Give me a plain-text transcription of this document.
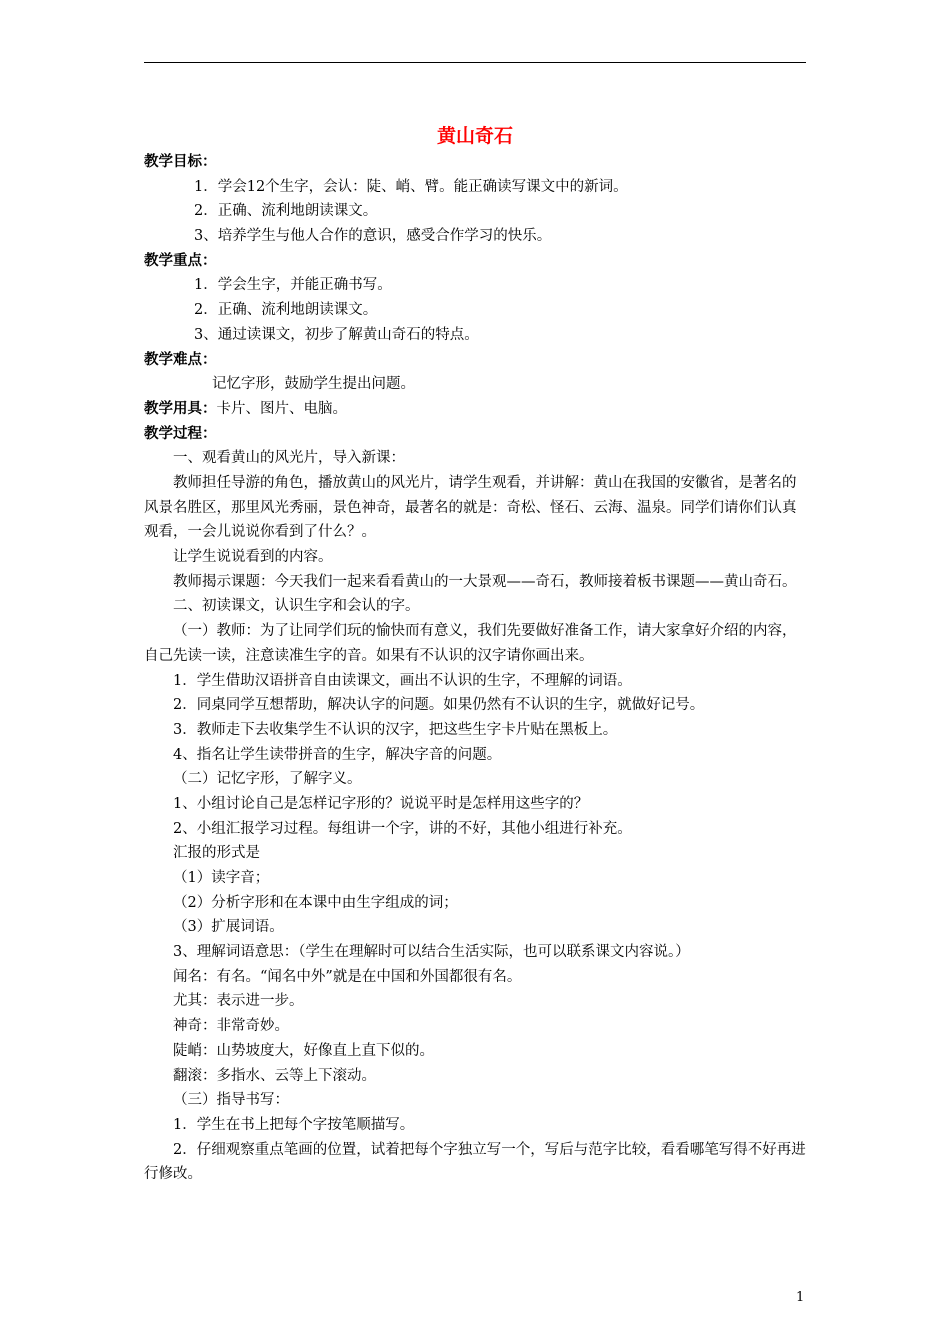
黄山奇石
教学目标：
1．学会12个生字，会认：陡、峭、臂。能正确读写课文中的新词。
2．正确、流利地朗读课文。
3、培养学生与他人合作的意识，感受合作学习的快乐。
教学重点：
1．学会生字，并能正确书写。
2．正确、流利地朗读课文。
3、通过读课文，初步了解黄山奇石的特点。
教学难点：
记忆字形，鼓励学生提出问题。
教学用具：卡片、图片、电脑。
教学过程：
一、观看黄山的风光片，导入新课：
教师担任导游的角色，播放黄山的风光片，请学生观看，并讲解：黄山在我国的安徽省，是著名的风景名胜区，那里风光秀丽，景色神奇，最著名的就是：奇松、怪石、云海、温泉。同学们请你们认真观看，一会儿说说你看到了什么？。
让学生说说看到的内容。
教师揭示课题：今天我们一起来看看黄山的一大景观——奇石，教师接着板书课题——黄山奇石。
二、初读课文，认识生字和会认的字。
（一）教师：为了让同学们玩的愉快而有意义，我们先要做好准备工作，请大家拿好介绍的内容，自己先读一读，注意读准生字的音。如果有不认识的汉字请你画出来。
1．学生借助汉语拼音自由读课文，画出不认识的生字，不理解的词语。
2．同桌同学互想帮助，解决认字的问题。如果仍然有不认识的生字，就做好记号。
3．教师走下去收集学生不认识的汉字，把这些生字卡片贴在黑板上。
4、指名让学生读带拼音的生字，解决字音的问题。
（二）记忆字形，了解字义。
1、小组讨论自己是怎样记字形的？说说平时是怎样用这些字的？
2、小组汇报学习过程。每组讲一个字，讲的不好，其他小组进行补充。
汇报的形式是
（1）读字音；
（2）分析字形和在本课中由生字组成的词；
（3）扩展词语。
3、理解词语意思：（学生在理解时可以结合生活实际，也可以联系课文内容说。）
闻名：有名。“闻名中外”就是在中国和外国都很有名。
尤其：表示进一步。
神奇：非常奇妙。
陡峭：山势坡度大，好像直上直下似的。
翻滚：多指水、云等上下滚动。
（三）指导书写：
1．学生在书上把每个字按笔顺描写。
2．仔细观察重点笔画的位置，试着把每个字独立写一个，写后与范字比较，看看哪笔写得不好再进行修改。
1
